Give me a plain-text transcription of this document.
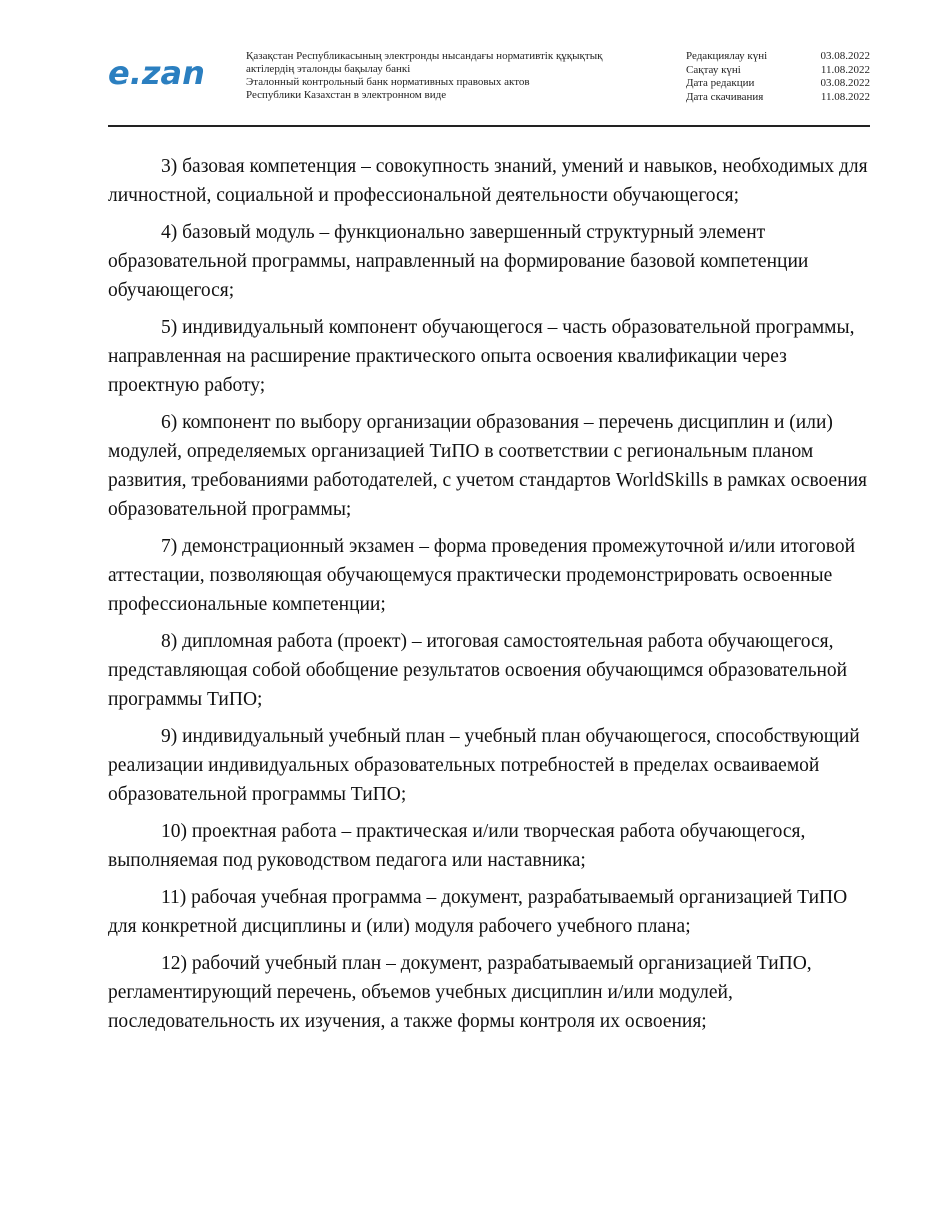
e.zan	Қазақстан Республикасының электронды нысандағы нормативтік құқықтық
актілердің эталонды бақылау банкі
Эталонный контрольный банк нормативных правовых актов
Республики Казахстан в электронном виде
Редакциялау күні	03.08.2022
Сақтау күні	11.08.2022
Дата редакции	03.08.2022
Дата скачивания	11.08.2022

3) базовая компетенция – совокупность знаний, умений и навыков, необходимых для личностной, социальной и профессиональной деятельности обучающегося;

4) базовый модуль – функционально завершенный структурный элемент образовательной программы, направленный на формирование базовой компетенции обучающегося;

5) индивидуальный компонент обучающегося – часть образовательной программы, направленная на расширение практического опыта освоения квалификации через проектную работу;

6) компонент по выбору организации образования – перечень дисциплин и (или) модулей, определяемых организацией ТиПО в соответствии с региональным планом развития, требованиями работодателей, с учетом стандартов WorldSkills в рамках освоения образовательной программы;

7) демонстрационный экзамен – форма проведения промежуточной и/или итоговой аттестации, позволяющая обучающемуся практически продемонстрировать освоенные профессиональные компетенции;

8) дипломная работа (проект) – итоговая самостоятельная работа обучающегося, представляющая собой обобщение результатов освоения обучающимся образовательной программы ТиПО;

9) индивидуальный учебный план – учебный план обучающегося, способствующий реализации индивидуальных образовательных потребностей в пределах осваиваемой образовательной программы ТиПО;

10) проектная работа – практическая и/или творческая работа обучающегося, выполняемая под руководством педагога или наставника;

11) рабочая учебная программа – документ, разрабатываемый организацией ТиПО для конкретной дисциплины и (или) модуля рабочего учебного плана;

12) рабочий учебный план – документ, разрабатываемый организацией ТиПО, регламентирующий перечень, объемов учебных дисциплин и/или модулей, последовательность их изучения, а также формы контроля их освоения;
